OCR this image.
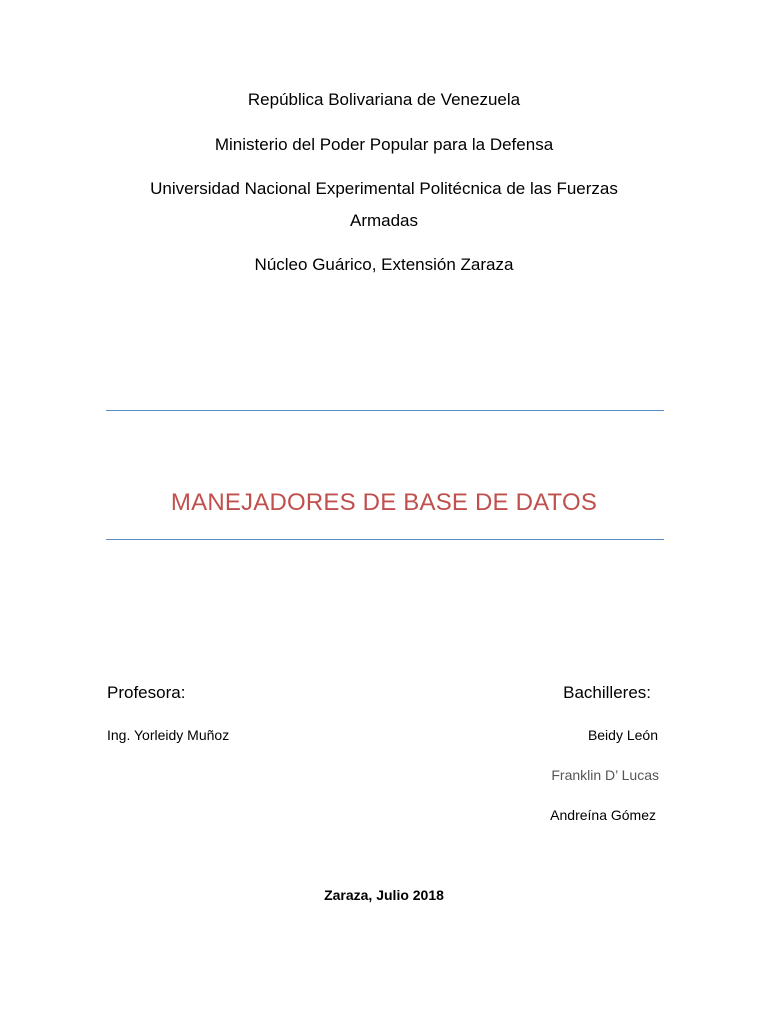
República Bolivariana de Venezuela
Ministerio del Poder Popular para la Defensa
Universidad Nacional Experimental Politécnica de las Fuerzas
Armadas
Núcleo Guárico, Extensión Zaraza
MANEJADORES DE BASE DE DATOS
Profesora:	Bachilleres:
Ing. Yorleidy Muñoz	Beidy León
Franklin D’ Lucas
Andreína Gómez
Zaraza, Julio 2018
